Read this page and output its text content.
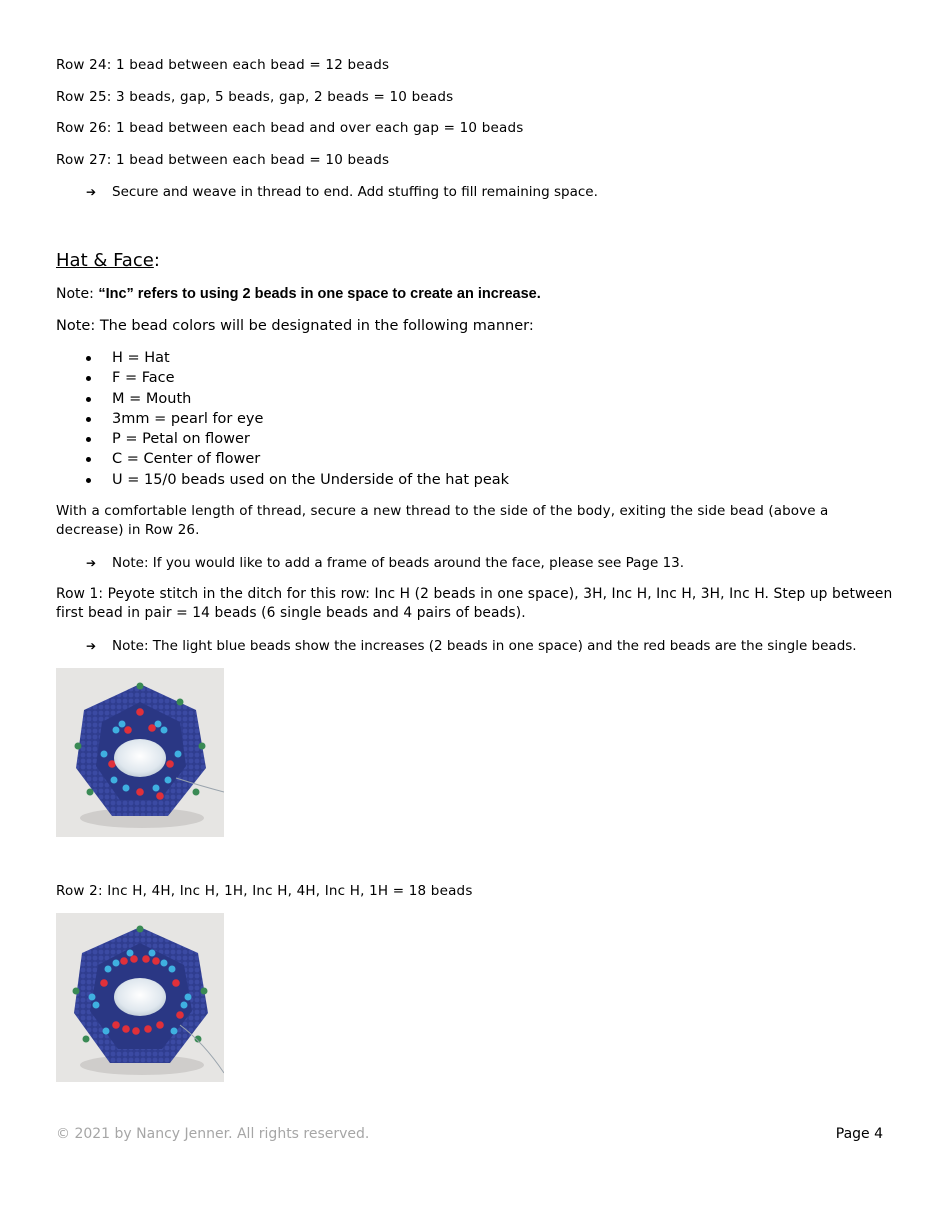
Row 24: 1 bead between each bead = 12 beads
Row 25: 3 beads, gap, 5 beads, gap, 2 beads = 10 beads
Row 26: 1 bead between each bead and over each gap = 10 beads
Row 27: 1 bead between each bead = 10 beads
➔ Secure and weave in thread to end. Add stuffing to fill remaining space.
Hat & Face:
Note: “Inc” refers to using 2 beads in one space to create an increase.
Note: The bead colors will be designated in the following manner:
H = Hat
F = Face
M = Mouth
3mm = pearl for eye
P = Petal on flower
C = Center of flower
U = 15/0 beads used on the Underside of the hat peak
With a comfortable length of thread, secure a new thread to the side of the body, exiting the side bead (above a decrease) in Row 26.
➔ Note: If you would like to add a frame of beads around the face, please see Page 13.
Row 1: Peyote stitch in the ditch for this row: Inc H (2 beads in one space), 3H, Inc H, Inc H, 3H, Inc H. Step up between first bead in pair = 14 beads (6 single beads and 4 pairs of beads).
➔ Note: The light blue beads show the increases (2 beads in one space) and the red beads are the single beads.
Row 2: Inc H, 4H, Inc H, 1H, Inc H, 4H, Inc H, 1H = 18 beads
© 2021 by Nancy Jenner. All rights reserved.	Page 4
